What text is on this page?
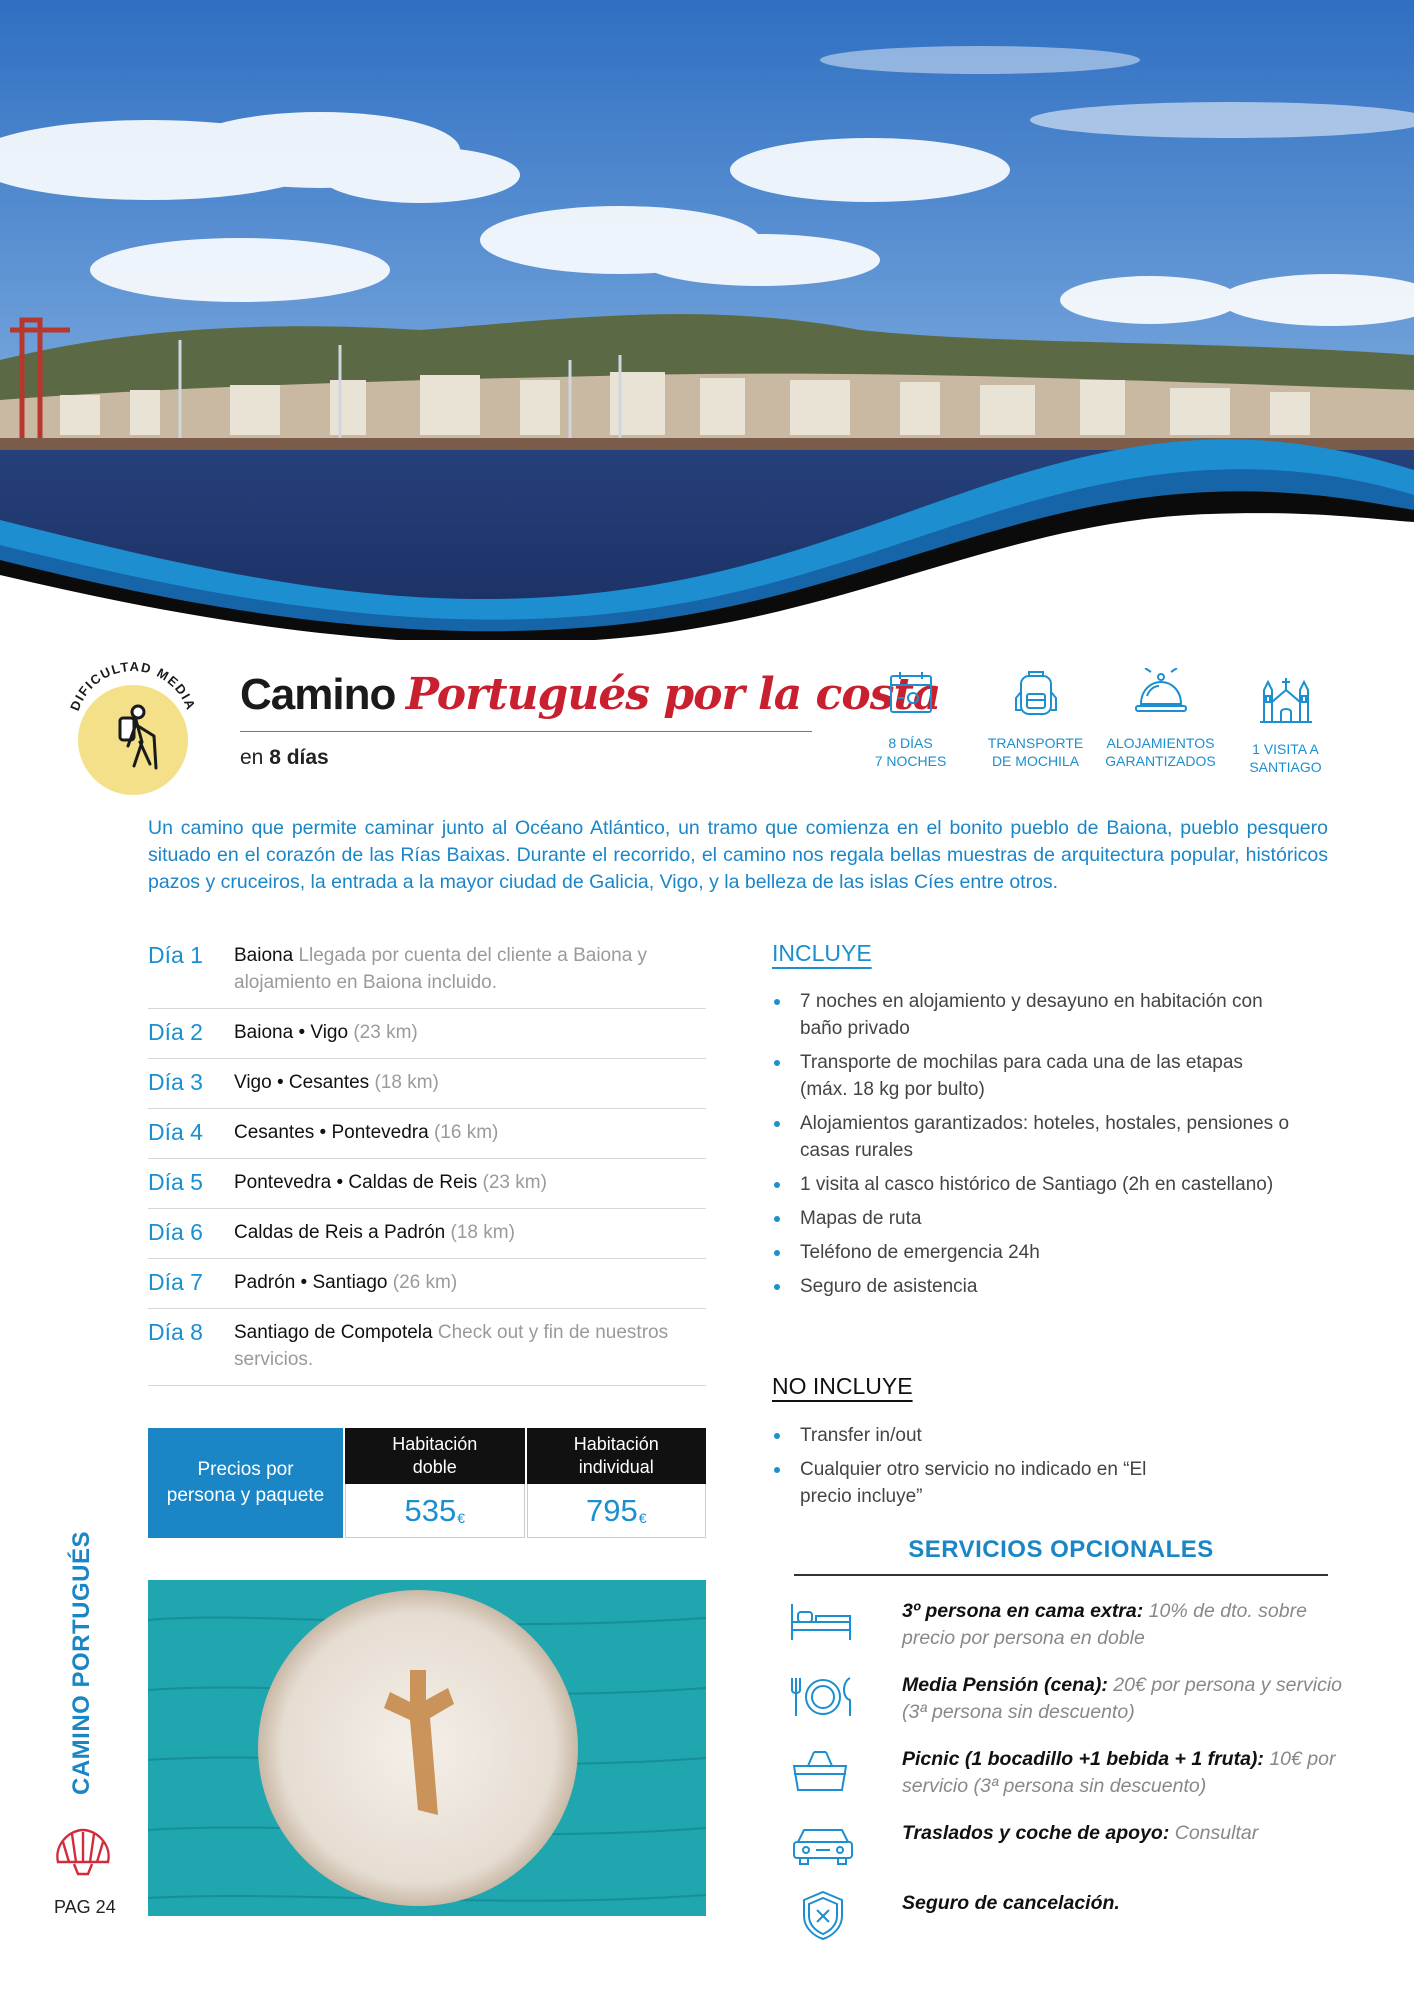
DIFICULTAD MEDIA Camino Portugués por la costa
en 8 días
8 DÍAS
7 NOCHES
TRANSPORTE
DE MOCHILA
ALOJAMIENTOS
GARANTIZADOS
1 VISITA A
SANTIAGO

Un camino que permite caminar junto al Océano Atlántico, un tramo que comienza en el bonito pueblo de Baiona, pueblo pesquero situado en el corazón de las Rías Baixas. Durante el recorrido, el camino nos regala bellas muestras de arquitectura popular, históricos pazos y cruceiros, la entrada a la mayor ciudad de Galicia, Vigo, y la belleza de las islas Cíes entre otros.

Día 1	Baiona Llegada por cuenta del cliente a Baiona y alojamiento en Baiona incluido.
Día 2	Baiona • Vigo (23 km)
Día 3	Vigo • Cesantes (18 km)
Día 4	Cesantes • Pontevedra (16 km)
Día 5	Pontevedra • Caldas de Reis (23 km)
Día 6	Caldas de Reis a Padrón (18 km)
Día 7	Padrón • Santiago (26 km)
Día 8	Santiago de Compotela Check out y fin de nuestros servicios.
Precios por
persona y paquete
Habitación
doble
535 €
Habitación
individual
795 €
CAMINO PORTUGUÉS
PAG 24
INCLUYE
7 noches en alojamiento y desayuno en habitación con baño privado
Transporte de mochilas para cada una de las etapas (máx. 18 kg por bulto)
Alojamientos garantizados: hoteles, hostales, pensiones o casas rurales
1 visita al casco histórico de Santiago (2h en castellano)
Mapas de ruta
Teléfono de emergencia 24h
Seguro de asistencia
NO INCLUYE
Transfer in/out
Cualquier otro servicio no indicado en “El precio incluye”
SERVICIOS OPCIONALES
3º persona en cama extra: 10% de dto. sobre precio por persona en doble
Media Pensión (cena): 20€ por persona y servicio (3ª persona sin descuento)
Picnic (1 bocadillo +1 bebida + 1 fruta): 10€ por servicio (3ª persona sin descuento)
Traslados y coche de apoyo: Consultar
Seguro de cancelación.
